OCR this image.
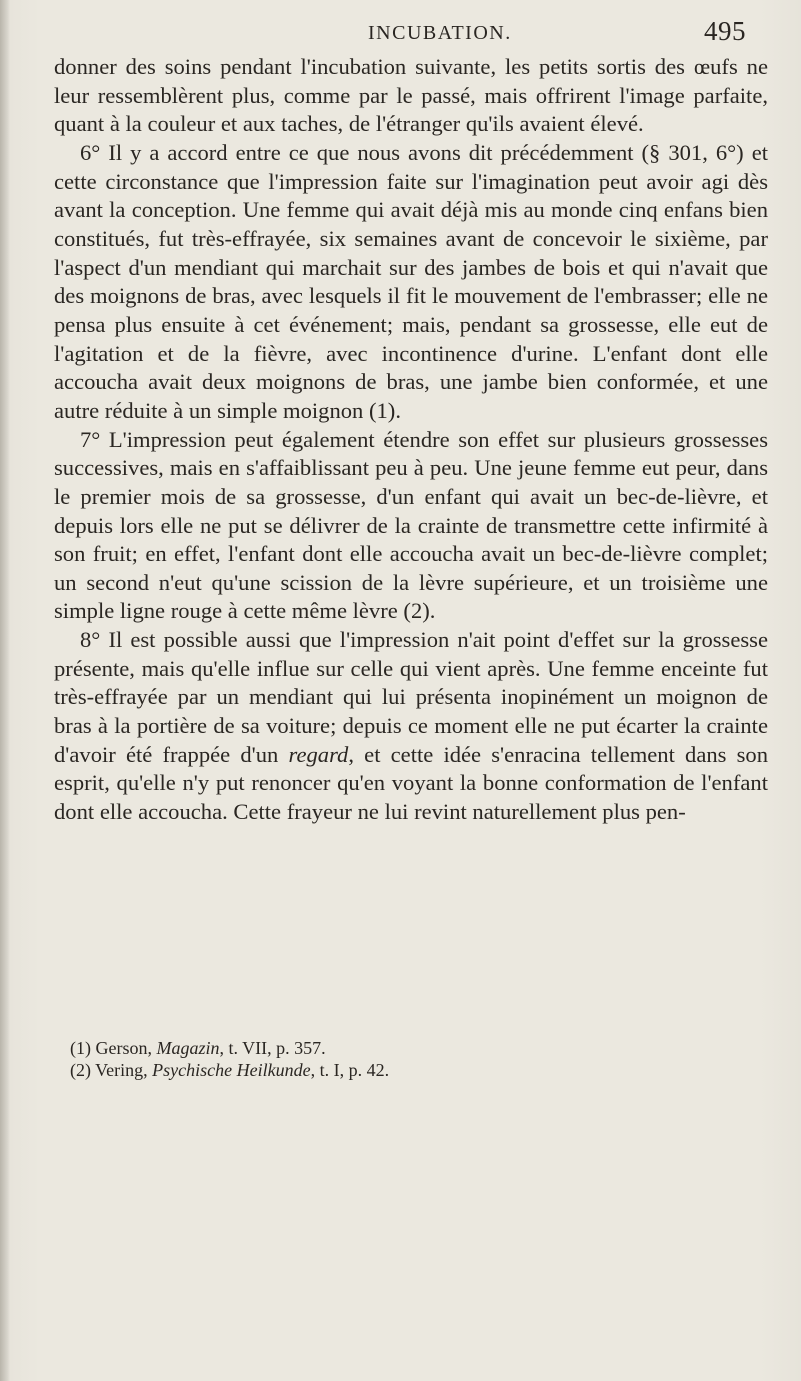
INCUBATION.	495

donner des soins pendant l'incubation suivante, les petits sortis des œufs ne leur ressemblèrent plus, comme par le passé, mais offrirent l'image parfaite, quant à la couleur et aux taches, de l'étranger qu'ils avaient élevé.

6° Il y a accord entre ce que nous avons dit précédemment (§ 301, 6°) et cette circonstance que l'impression faite sur l'imagination peut avoir agi dès avant la conception. Une femme qui avait déjà mis au monde cinq enfans bien constitués, fut très-effrayée, six semaines avant de concevoir le sixième, par l'aspect d'un mendiant qui marchait sur des jambes de bois et qui n'avait que des moignons de bras, avec lesquels il fit le mouvement de l'embrasser; elle ne pensa plus ensuite à cet événement; mais, pendant sa grossesse, elle eut de l'agitation et de la fièvre, avec incontinence d'urine. L'enfant dont elle accoucha avait deux moignons de bras, une jambe bien conformée, et une autre réduite à un simple moignon (1).

7° L'impression peut également étendre son effet sur plusieurs grossesses successives, mais en s'affaiblissant peu à peu. Une jeune femme eut peur, dans le premier mois de sa grossesse, d'un enfant qui avait un bec-de-lièvre, et depuis lors elle ne put se délivrer de la crainte de transmettre cette infirmité à son fruit; en effet, l'enfant dont elle accoucha avait un bec-de-lièvre complet; un second n'eut qu'une scission de la lèvre supérieure, et un troisième une simple ligne rouge à cette même lèvre (2).

8° Il est possible aussi que l'impression n'ait point d'effet sur la grossesse présente, mais qu'elle influe sur celle qui vient après. Une femme enceinte fut très-effrayée par un mendiant qui lui présenta inopinément un moignon de bras à la portière de sa voiture; depuis ce moment elle ne put écarter la crainte d'avoir été frappée d'un regard, et cette idée s'enracina tellement dans son esprit, qu'elle n'y put renoncer qu'en voyant la bonne conformation de l'enfant dont elle accoucha. Cette frayeur ne lui revint naturellement plus pen-

(1) Gerson, Magazin, t. VII, p. 357.
(2) Vering, Psychische Heilkunde, t. I, p. 42.
